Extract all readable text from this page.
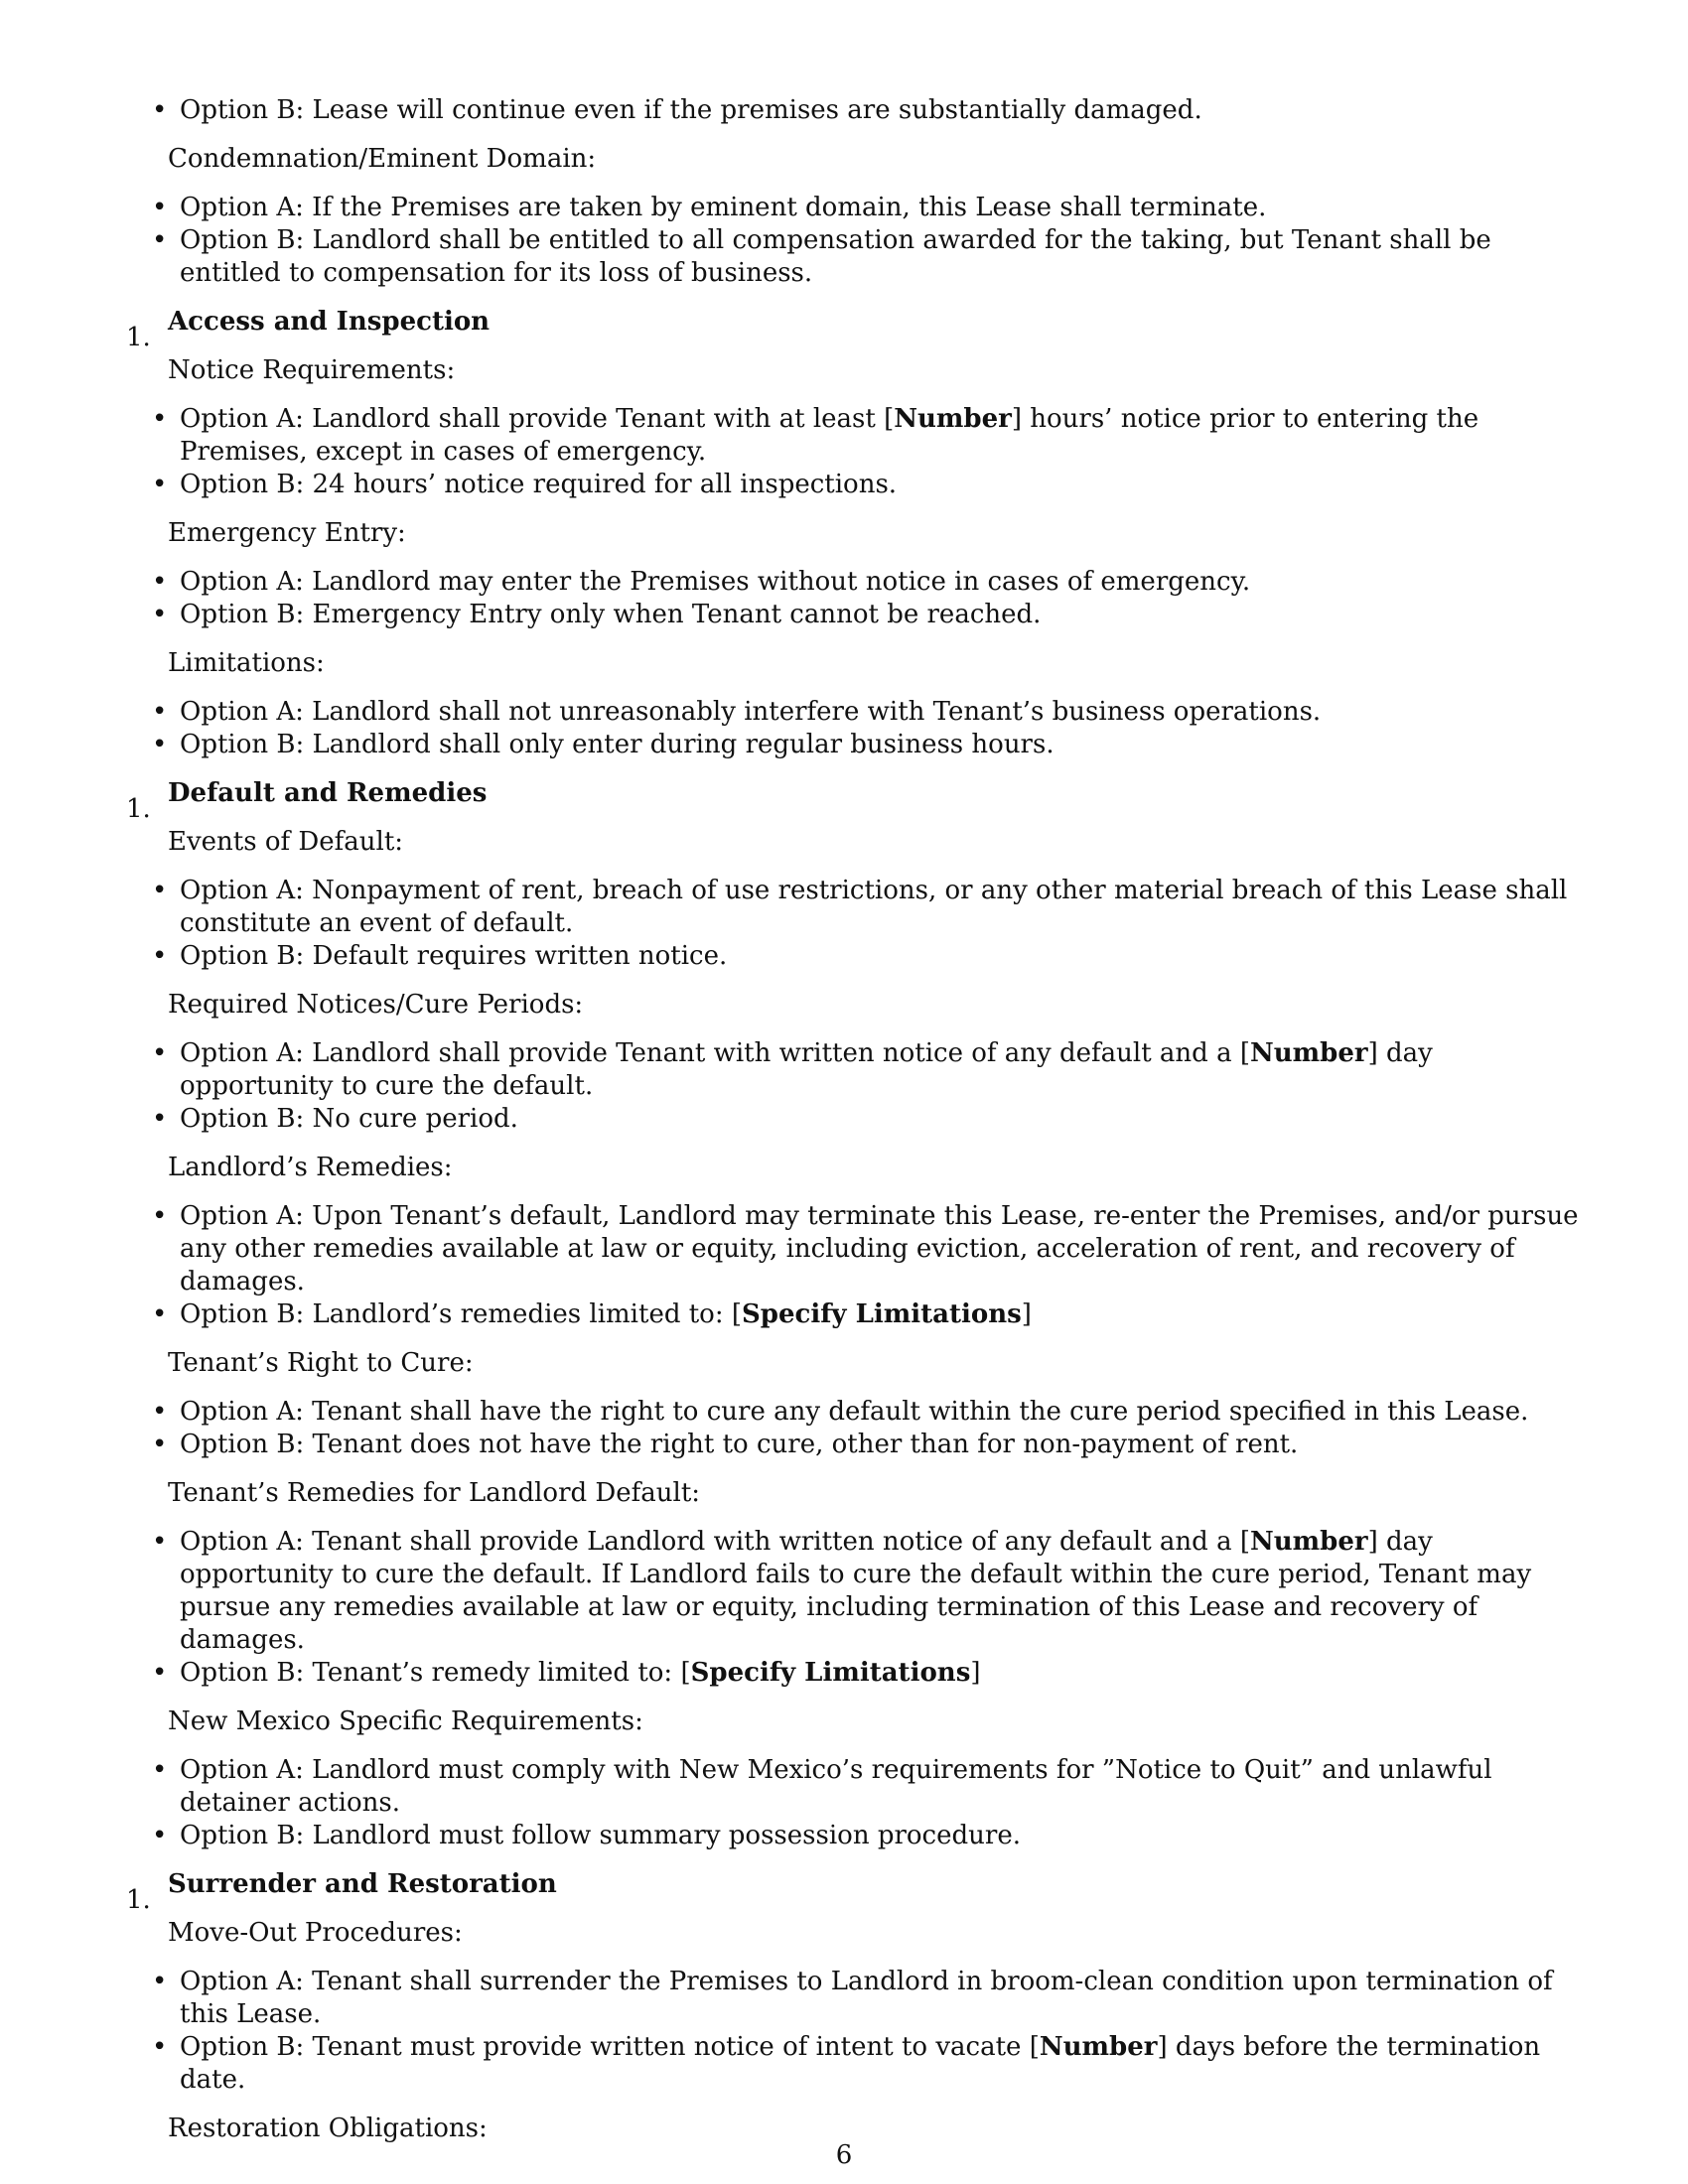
• Option B: Lease will continue even if the premises are substantially damaged.
Condemnation/Eminent Domain:
• Option A: If the Premises are taken by eminent domain, this Lease shall terminate.
• Option B: Landlord shall be entitled to all compensation awarded for the taking, but Tenant shall be entitled to compensation for its loss of business.
1.
Access and Inspection
Notice Requirements:
• Option A: Landlord shall provide Tenant with at least [Number] hours’ notice prior to entering the Premises, except in cases of emergency.
• Option B: 24 hours’ notice required for all inspections.
Emergency Entry:
• Option A: Landlord may enter the Premises without notice in cases of emergency.
• Option B: Emergency Entry only when Tenant cannot be reached.
Limitations:
• Option A: Landlord shall not unreasonably interfere with Tenant’s business operations.
• Option B: Landlord shall only enter during regular business hours.
1.
Default and Remedies
Events of Default:
• Option A: Nonpayment of rent, breach of use restrictions, or any other material breach of this Lease shall constitute an event of default.
• Option B: Default requires written notice.
Required Notices/Cure Periods:
• Option A: Landlord shall provide Tenant with written notice of any default and a [Number] day opportunity to cure the default.
• Option B: No cure period.
Landlord’s Remedies:
• Option A: Upon Tenant’s default, Landlord may terminate this Lease, re-enter the Premises, and/or pursue any other remedies available at law or equity, including eviction, acceleration of rent, and recovery of damages.
• Option B: Landlord’s remedies limited to: [Specify Limitations]
Tenant’s Right to Cure:
• Option A: Tenant shall have the right to cure any default within the cure period specified in this Lease.
• Option B: Tenant does not have the right to cure, other than for non-payment of rent.
Tenant’s Remedies for Landlord Default:
• Option A: Tenant shall provide Landlord with written notice of any default and a [Number] day opportunity to cure the default. If Landlord fails to cure the default within the cure period, Tenant may pursue any remedies available at law or equity, including termination of this Lease and recovery of damages.
• Option B: Tenant’s remedy limited to: [Specify Limitations]
New Mexico Specific Requirements:
• Option A: Landlord must comply with New Mexico’s requirements for ”Notice to Quit” and unlawful detainer actions.
• Option B: Landlord must follow summary possession procedure.
1.
Surrender and Restoration
Move-Out Procedures:
• Option A: Tenant shall surrender the Premises to Landlord in broom-clean condition upon termination of this Lease.
• Option B: Tenant must provide written notice of intent to vacate [Number] days before the termination date.
Restoration Obligations:
6
